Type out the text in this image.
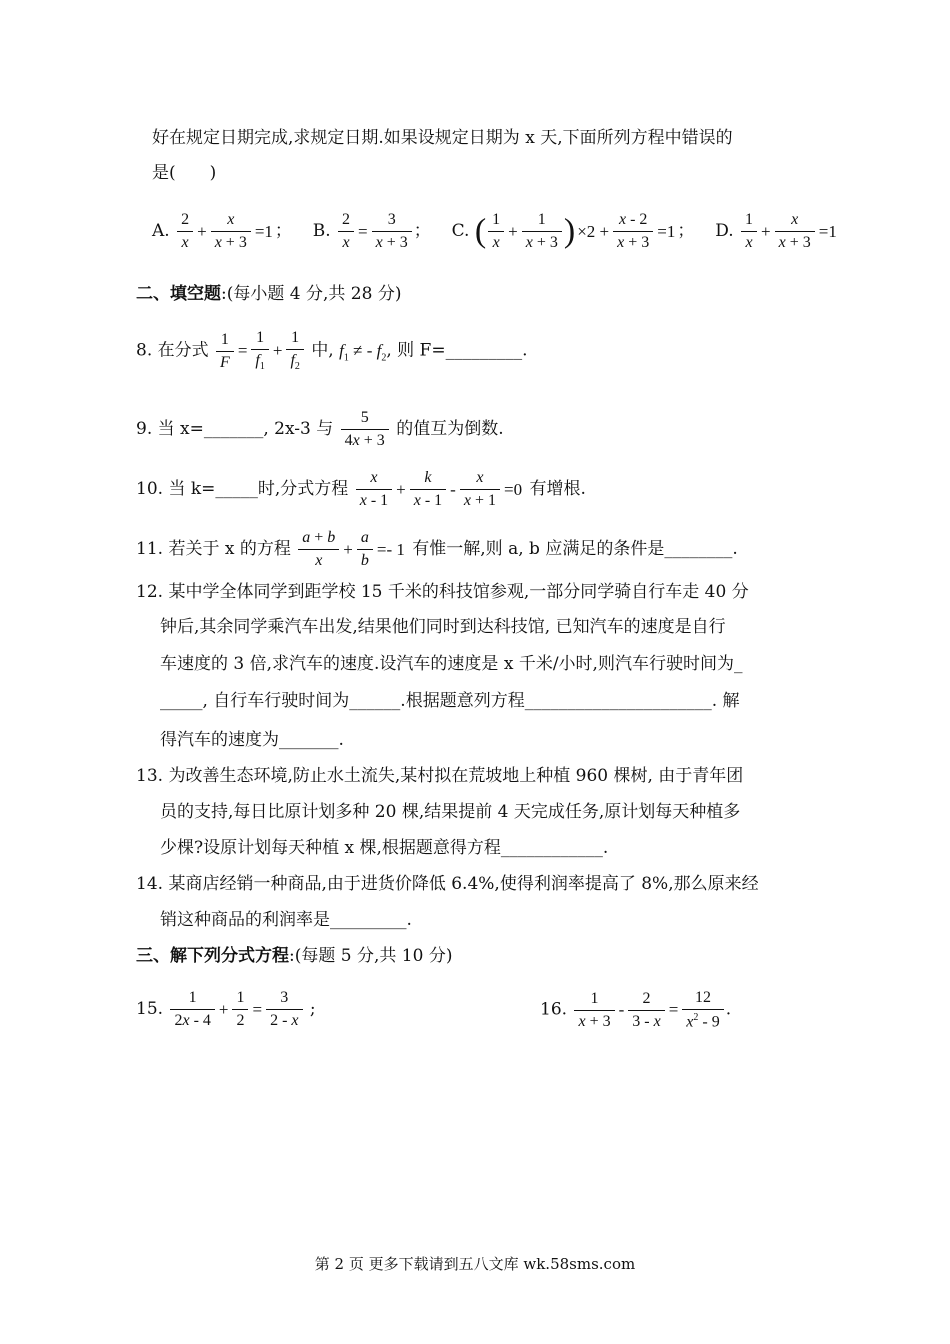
好在规定日期完成,求规定日期.如果设规定日期为 x 天,下面所列方程中错误的
是(　　)
A. $\frac{2}{x} + \frac{x}{x + 3} =1$ ；  B. $\frac{2}{x} = \frac{3}{x + 3}$ ；  C. ( $\frac{1}{x} + \frac{1}{x + 3}$ ) $\times 2 + \frac{x - 2}{x + 3} =1$ ；  D. $\frac{1}{x} + \frac{x}{x + 3} =1$
二、填空题:(每小题 4 分,共 28 分)
8. 在分式 $\frac{1}{F} = \frac{1}{f_1} + \frac{1}{f_2}$ 中, $f_1$ ≠ - $f_2$, 则 F=_________.
9. 当 x=_______, 2x-3 与 $\frac{5}{4x + 3}$ 的值互为倒数.
10. 当 k=_____时,分式方程 $\frac{x}{x - 1} + \frac{k}{x - 1} - \frac{x}{x + 1} =0$ 有增根.
11. 若关于 x 的方程 $\frac{a + b}{x} + \frac{a}{b} =- 1$ 有惟一解,则 a, b 应满足的条件是________.
12. 某中学全体同学到距学校 15 千米的科技馆参观,一部分同学骑自行车走 40 分
钟后,其余同学乘汽车出发,结果他们同时到达科技馆, 已知汽车的速度是自行
车速度的 3 倍,求汽车的速度.设汽车的速度是 x 千米/小时,则汽车行驶时间为_
_____, 自行车行驶时间为______.根据题意列方程______________________. 解
得汽车的速度为_______.
13. 为改善生态环境,防止水土流失,某村拟在荒坡地上种植 960 棵树, 由于青年团
员的支持,每日比原计划多种 20 棵,结果提前 4 天完成任务,原计划每天种植多
少棵?设原计划每天种植 x 棵,根据题意得方程____________.
14. 某商店经销一种商品,由于进货价降低 6.4%,使得利润率提高了 8%,那么原来经
销这种商品的利润率是_________.
三、解下列分式方程:(每题 5 分,共 10 分)
15. $\frac{1}{2x - 4} + \frac{1}{2} = \frac{3}{2 - x}$ ;	16. $\frac{1}{x + 3} - \frac{2}{3 - x} = \frac{12}{x^2 - 9}$ .
第 2 页 更多下载请到五八文库 wk.58sms.com
